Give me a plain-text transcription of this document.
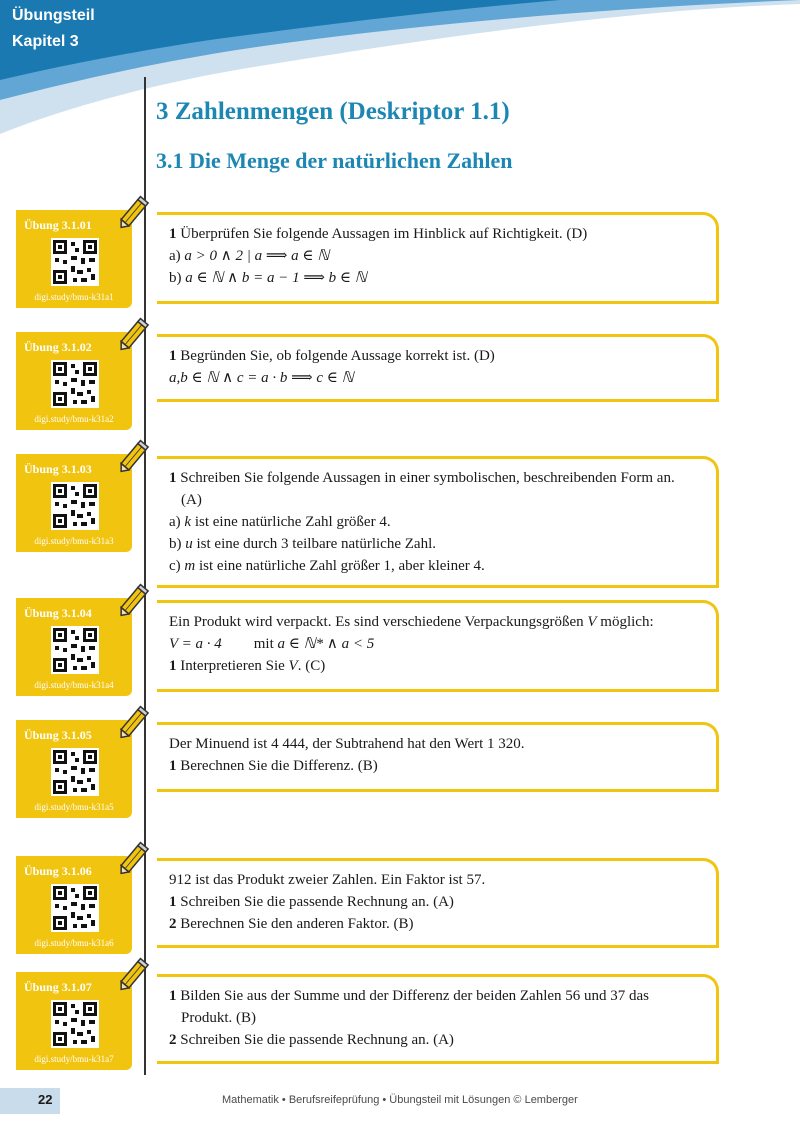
Übungsteil
Kapitel 3
3 Zahlenmengen (Deskriptor 1.1)
3.1 Die Menge der natürlichen Zahlen
Übung 3.1.01
digi.study/bmu-k31a1

1 Überprüfen Sie folgende Aussagen im Hinblick auf Richtigkeit. (D)

a) a > 0 ∧ 2 | a ⟹ a ∈ ℕ

b) a ∈ ℕ ∧ b = a − 1 ⟹ b ∈ ℕ

Übung 3.1.02
digi.study/bmu-k31a2

1 Begründen Sie, ob folgende Aussage korrekt ist. (D)

a,b ∈ ℕ ∧ c = a · b ⟹ c ∈ ℕ

Übung 3.1.03
digi.study/bmu-k31a3

1 Schreiben Sie folgende Aussagen in einer symbolischen, beschreibenden Form an.

(A)

a) k ist eine natürliche Zahl größer 4.

b) u ist eine durch 3 teilbare natürliche Zahl.

c) m ist eine natürliche Zahl größer 1, aber kleiner 4.

Übung 3.1.04
digi.study/bmu-k31a4

Ein Produkt wird verpackt. Es sind verschiedene Verpackungsgrößen V möglich:

V = a · 4 mit a ∈ ℕ* ∧ a < 5

1 Interpretieren Sie V. (C)

Übung 3.1.05
digi.study/bmu-k31a5

Der Minuend ist 4 444, der Subtrahend hat den Wert 1 320.

1 Berechnen Sie die Differenz. (B)

Übung 3.1.06
digi.study/bmu-k31a6

912 ist das Produkt zweier Zahlen. Ein Faktor ist 57.

1 Schreiben Sie die passende Rechnung an. (A)

2 Berechnen Sie den anderen Faktor. (B)

Übung 3.1.07
digi.study/bmu-k31a7

1 Bilden Sie aus der Summe und der Differenz der beiden Zahlen 56 und 37 das

Produkt. (B)

2 Schreiben Sie die passende Rechnung an. (A)

22	Mathematik • Berufsreifeprüfung • Übungsteil mit Lösungen © Lemberger
